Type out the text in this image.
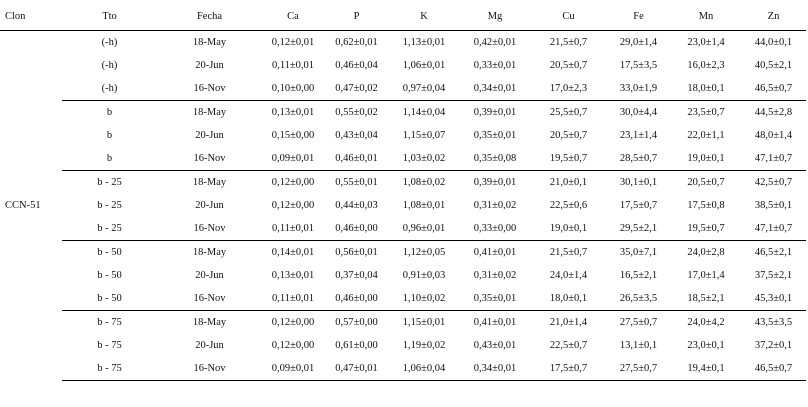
Clon	Tto	Fecha	Ca	P	K	Mg	Cu	Fe	Mn	Zn
CCN-51	(-h)	18-May	0,12±0,01	0,62±0,01	1,13±0,01	0,42±0,01	21,5±0,7	29,0±1,4	23,0±1,4	44,0±0,1
	(-h)	20-Jun	0,11±0,01	0,46±0,04	1,06±0,01	0,33±0,01	20,5±0,7	17,5±3,5	16,0±2,3	40,5±2,1
	(-h)	16-Nov	0,10±0,00	0,47±0,02	0,97±0,04	0,34±0,01	17,0±2,3	33,0±1,9	18,0±0,1	46,5±0,7
	b	18-May	0,13±0,01	0,55±0,02	1,14±0,04	0,39±0,01	25,5±0,7	30,0±4,4	23,5±0,7	44,5±2,8
	b	20-Jun	0,15±0,00	0,43±0,04	1,15±0,07	0,35±0,01	20,5±0,7	23,1±1,4	22,0±1,1	48,0±1,4
	b	16-Nov	0,09±0,01	0,46±0,01	1,03±0,02	0,35±0,08	19,5±0,7	28,5±0,7	19,0±0,1	47,1±0,7
	b - 25	18-May	0,12±0,00	0,55±0,01	1,08±0,02	0,39±0,01	21,0±0,1	30,1±0,1	20,5±0,7	42,5±0,7
	b - 25	20-Jun	0,12±0,00	0,44±0,03	1,08±0,01	0,31±0,02	22,5±0,6	17,5±0,7	17,5±0,8	38,5±0,1
	b - 25	16-Nov	0,11±0,01	0,46±0,00	0,96±0,01	0,33±0,00	19,0±0,1	29,5±2,1	19,5±0,7	47,1±0,7
	b - 50	18-May	0,14±0,01	0,56±0,01	1,12±0,05	0,41±0,01	21,5±0,7	35,0±7,1	24,0±2,8	46,5±2,1
	b - 50	20-Jun	0,13±0,01	0,37±0,04	0,91±0,03	0,31±0,02	24,0±1,4	16,5±2,1	17,0±1,4	37,5±2,1
	b - 50	16-Nov	0,11±0,01	0,46±0,00	1,10±0,02	0,35±0,01	18,0±0,1	26,5±3,5	18,5±2,1	45,3±0,1
	b - 75	18-May	0,12±0,00	0,57±0,00	1,15±0,01	0,41±0,01	21,0±1,4	27,5±0,7	24,0±4,2	43,5±3,5
	b - 75	20-Jun	0,12±0,00	0,61±0,00	1,19±0,02	0,43±0,01	22,5±0,7	13,1±0,1	23,0±0,1	37,2±0,1
	b - 75	16-Nov	0,09±0,01	0,47±0,01	1,06±0,04	0,34±0,01	17,5±0,7	27,5±0,7	19,4±0,1	46,5±0,7
